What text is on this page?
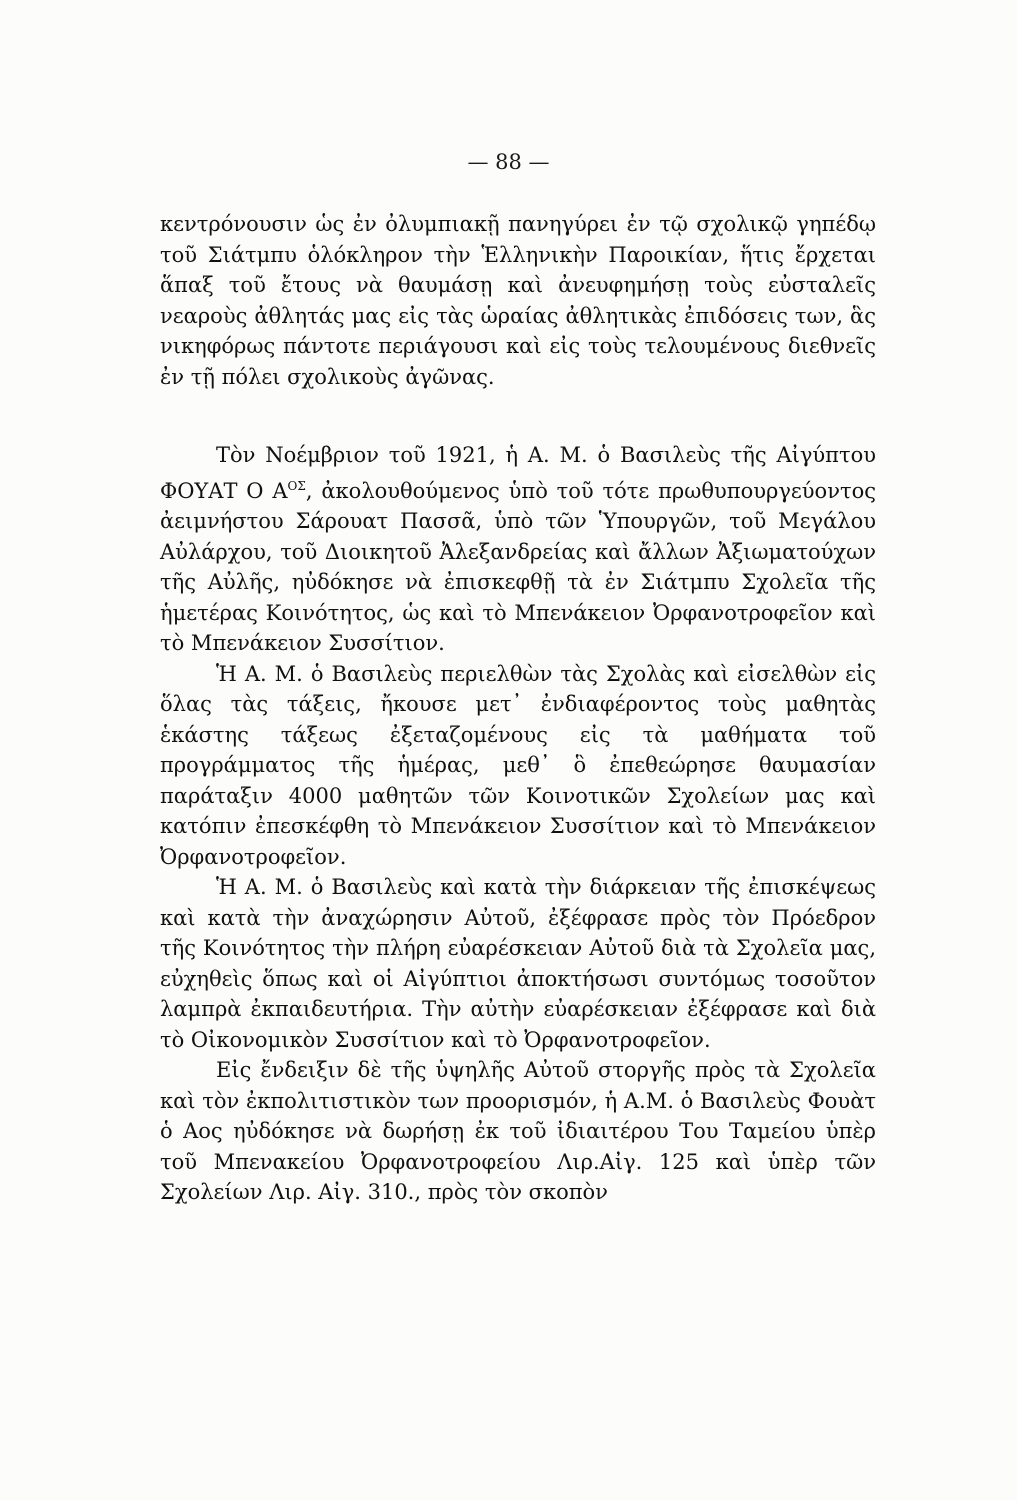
— 88 —

κεντρόνουσιν ὡς ἐν ὀλυμπιακῇ πανηγύρει ἐν τῷ σχολικῷ γηπέδῳ τοῦ Σιάτμπυ ὁλόκληρον τὴν Ἑλληνικὴν Παροικίαν, ἥτις ἔρχεται ἅπαξ τοῦ ἔτους νὰ θαυμάσῃ καὶ ἀνευφημήσῃ τοὺς εὐσταλεῖς νεαροὺς ἀθλητάς μας εἰς τὰς ὡραίας ἀθλητικὰς ἐπιδόσεις των, ἃς νικηφόρως πάντοτε περιάγουσι καὶ εἰς τοὺς τελουμένους διεθνεῖς ἐν τῇ πόλει σχολικοὺς ἀγῶνας.

Τὸν Νοέμβριον τοῦ 1921, ἡ Α. Μ. ὁ Βασιλεὺς τῆς Αἰγύπτου ΦΟΥΑΤ Ο $A^{O\Sigma}$, ἀκολουθούμενος ὑπὸ τοῦ τότε πρωθυπουργεύοντος ἀειμνήστου Σάρουατ Πασσᾶ, ὑπὸ τῶν Ὑπουργῶν, τοῦ Μεγάλου Αὐλάρχου, τοῦ Διοικητοῦ Ἀλεξανδρείας καὶ ἄλλων Ἀξιωματούχων τῆς Αὐλῆς, ηὐδόκησε νὰ ἐπισκεφθῇ τὰ ἐν Σιάτμπυ Σχολεῖα τῆς ἡμετέρας Κοινότητος, ὡς καὶ τὸ Μπενάκειον Ὀρφανοτροφεῖον καὶ τὸ Μπενάκειον Συσσίτιον.

Ἡ Α. Μ. ὁ Βασιλεὺς περιελθὼν τὰς Σχολὰς καὶ εἰσελθὼν εἰς ὅλας τὰς τάξεις, ἤκουσε μετ᾽ ἐνδιαφέροντος τοὺς μαθητὰς ἑκάστης τάξεως ἐξεταζομένους εἰς τὰ μαθήματα τοῦ προγράμματος τῆς ἡμέρας, μεθ᾽ ὃ ἐπεθεώρησε θαυμασίαν παράταξιν 4000 μαθητῶν τῶν Κοινοτικῶν Σχολείων μας καὶ κατόπιν ἐπεσκέφθη τὸ Μπενάκειον Συσσίτιον καὶ τὸ Μπενάκειον Ὀρφανοτροφεῖον.

Ἡ Α. Μ. ὁ Βασιλεὺς καὶ κατὰ τὴν διάρκειαν τῆς ἐπισκέψεως καὶ κατὰ τὴν ἀναχώρησιν Αὐτοῦ, ἐξέφρασε πρὸς τὸν Πρόεδρον τῆς Κοινότητος τὴν πλήρη εὐαρέσκειαν Αὐτοῦ διὰ τὰ Σχολεῖα μας, εὐχηθεὶς ὅπως καὶ οἱ Αἰγύπτιοι ἀποκτήσωσι συντόμως τοσοῦτον λαμπρὰ ἐκπαιδευτήρια. Τὴν αὐτὴν εὐαρέσκειαν ἐξέφρασε καὶ διὰ τὸ Οἰκονομικὸν Συσσίτιον καὶ τὸ Ὀρφανοτροφεῖον.

Εἰς ἔνδειξιν δὲ τῆς ὑψηλῆς Αὐτοῦ στοργῆς πρὸς τὰ Σχολεῖα καὶ τὸν ἐκπολιτιστικὸν των προορισμόν, ἡ Α.Μ. ὁ Βασιλεὺς Φουὰτ ὁ Αος ηὐδόκησε νὰ δωρήσῃ ἐκ τοῦ ἰδιαιτέρου Του Ταμείου ὑπὲρ τοῦ Μπενακείου Ὀρφανοτροφείου Λιρ.Αἰγ. 125 καὶ ὑπὲρ τῶν Σχολείων Λιρ. Αἰγ. 310., πρὸς τὸν σκοπὸν
